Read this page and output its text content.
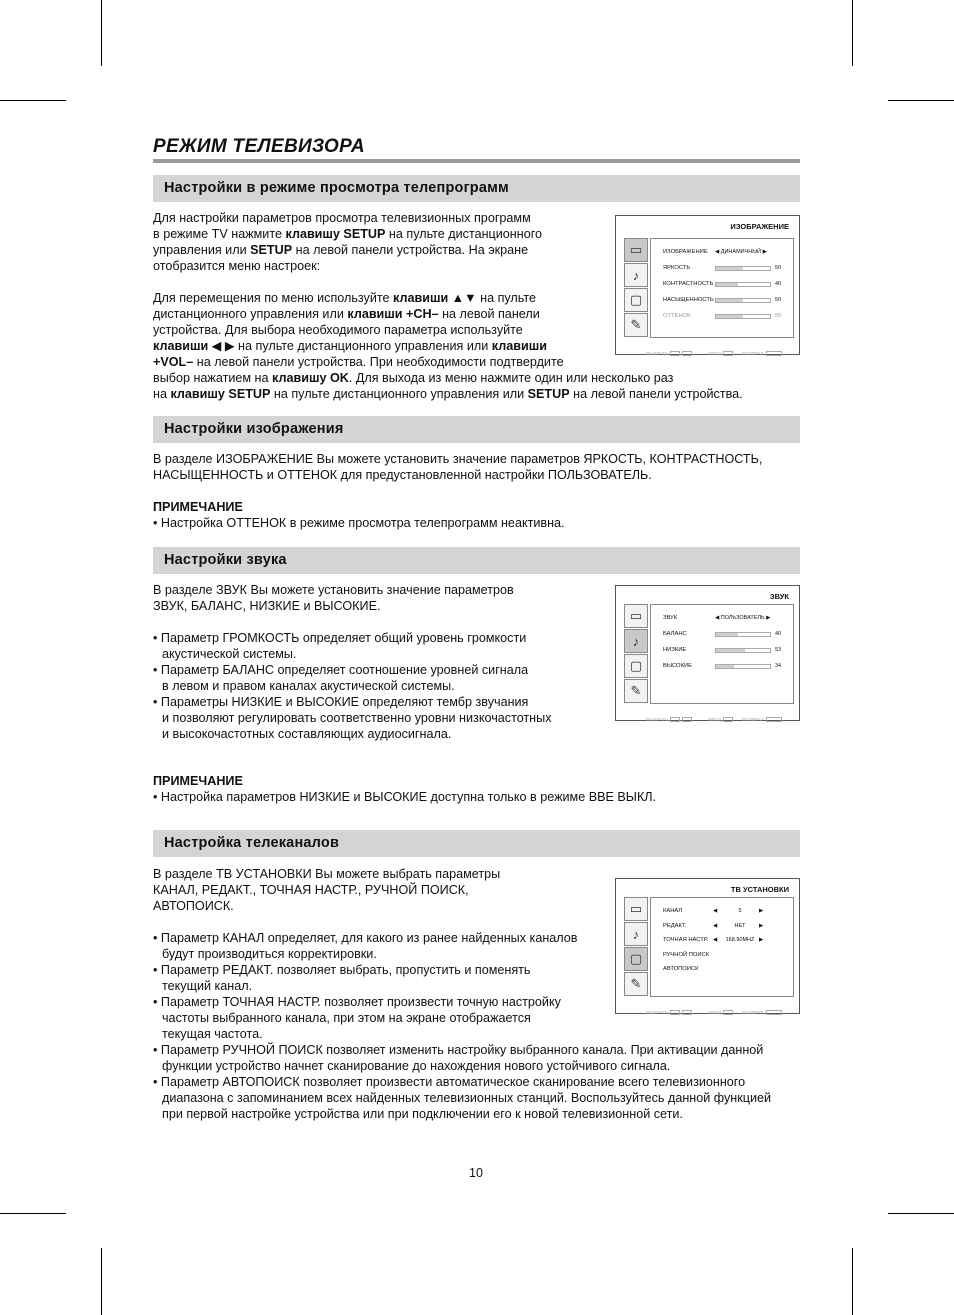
РЕЖИМ ТЕЛЕВИЗОРА
Настройки в режиме просмотра телепрограмм

Для настройки параметров просмотра телевизионных программ

в режиме TV нажмите клавишу SETUP на пульте дистанционного

управления или SETUP на левой панели устройства. На экране

отобразится меню настроек:

Для перемещения по меню используйте клавиши ▲▼ на пульте

дистанционного управления или клавиши +CH– на левой панели

устройства. Для выбора необходимого параметра используйте

клавиши ◀ ▶ на пульте дистанционного управления или клавиши

+VOL– на левой панели устройства. При необходимости подтвердите

выбор нажатием на клавишу OK. Для выхода из меню нажмите один или несколько раз

на клавишу SETUP на пульте дистанционного управления или SETUP на левой панели устройства.

ИЗОБРАЖЕНИЕ
▭
♪
▢
✎
ИЗОБРАЖЕНИЕ ◀ ДИНАМИЧНЫЙ ▶
ЯРКОСТЬ	50
КОНТРАСТНОСТЬ	40
НАСЫЩЕННОСТЬ	50
ОТТЕНОК	50
ВЫБРАТЬ	ВВОД	ВОЗВРАТ
Настройки изображения

В разделе ИЗОБРАЖЕНИЕ Вы можете установить значение параметров ЯРКОСТЬ, КОНТРАСТНОСТЬ,

НАСЫЩЕННОСТЬ и ОТТЕНОК для предустановленной настройки ПОЛЬЗОВАТЕЛЬ.

ПРИМЕЧАНИЕ

• Настройка ОТТЕНОК в режиме просмотра телепрограмм неактивна.

Настройки звука

В разделе ЗВУК Вы можете установить значение параметров

ЗВУК, БАЛАНС, НИЗКИЕ и ВЫСОКИЕ.

• Параметр ГРОМКОСТЬ определяет общий уровень громкости

акустической системы.

• Параметр БАЛАНС определяет соотношение уровней сигнала

в левом и правом каналах акустической системы.

• Параметры НИЗКИЕ и ВЫСОКИЕ определяют тембр звучания

и позволяют регулировать соответственно уровни низкочастотных

и высокочастотных составляющих аудиосигнала.

ПРИМЕЧАНИЕ

• Настройка параметров НИЗКИЕ и ВЫСОКИЕ доступна только в режиме BBE ВЫКЛ.

ЗВУК
▭
♪
▢
✎
ЗВУК	◀ ПОЛЬЗОВАТЕЛЬ ▶
БАЛАНС	40
НИЗКИЕ	53
ВЫСОКИЕ	34
ВЫБРАТЬ	ВВОД	ВОЗВРАТ
Настройка телеканалов

В разделе ТВ УСТАНОВКИ Вы можете выбрать параметры

КАНАЛ, РЕДАКТ., ТОЧНАЯ НАСТР., РУЧНОЙ ПОИСК,

АВТОПОИСК.

• Параметр КАНАЛ определяет, для какого из ранее найденных каналов

будут производиться корректировки.

• Параметр РЕДАКТ. позволяет выбрать, пропустить и поменять

текущий канал.

• Параметр ТОЧНАЯ НАСТР. позволяет произвести точную настройку

частоты выбранного канала, при этом на экране отображается

текущая частота.

• Параметр РУЧНОЙ ПОИСК позволяет изменить настройку выбранного канала. При активации данной

функции устройство начнет сканирование до нахождения нового устойчивого сигнала.

• Параметр АВТОПОИСК позволяет произвести автоматическое сканирование всего телевизионного

диапазона с запоминанием всех найденных телевизионных станций. Воспользуйтесь данной функцией

при первой настройке устройства или при подключении его к новой телевизионной сети.

ТВ УСТАНОВКИ
▭
♪
▢
✎
КАНАЛ	◀	5	▶
РЕДАКТ.	◀	НЕТ	▶
ТОЧНАЯ НАСТР. ◀ 168.90MHZ ▶
РУЧНОЙ ПОИСК
АВТОПОИСК
ВЫБРАТЬ	ВВОД	ВОЗВРАТ
10
